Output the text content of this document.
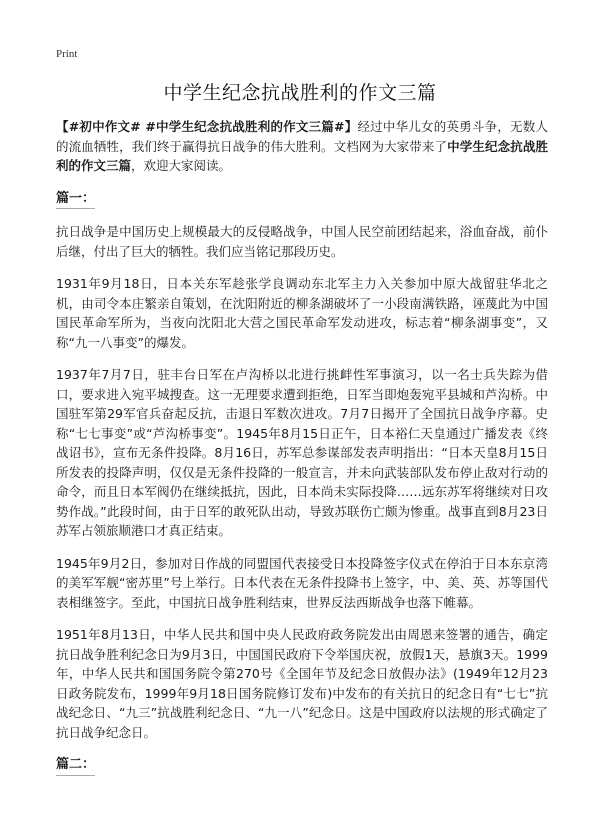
Print
中学生纪念抗战胜利的作文三篇

【#初中作文# #中学生纪念抗战胜利的作文三篇#】经过中华儿女的英勇斗争，无数人的流血牺牲，我们终于赢得抗日战争的伟大胜利。文档网为大家带来了中学生纪念抗战胜利的作文三篇，欢迎大家阅读。

篇一：

抗日战争是中国历史上规模最大的反侵略战争，中国人民空前团结起来，浴血奋战，前仆后继，付出了巨大的牺牲。我们应当铭记那段历史。

1931年9月18日，日本关东军趁张学良调动东北军主力入关参加中原大战留驻华北之机，由司令本庄繁亲自策划，在沈阳附近的柳条湖破坏了一小段南满铁路，诬蔑此为中国国民革命军所为，当夜向沈阳北大营之国民革命军发动进攻，标志着“柳条湖事变”，又称“九一八事变”的爆发。

1937年7月7日，驻丰台日军在卢沟桥以北进行挑衅性军事演习，以一名士兵失踪为借口，要求进入宛平城搜查。这一无理要求遭到拒绝，日军当即炮轰宛平县城和芦沟桥。中国驻军第29军官兵奋起反抗，击退日军数次进攻。7月7日揭开了全国抗日战争序幕。史称“七七事变”或“芦沟桥事变”。1945年8月15日正午，日本裕仁天皇通过广播发表《终战诏书》，宣布无条件投降。8月16日，苏军总参谋部发表声明指出：“日本天皇8月15日所发表的投降声明，仅仅是无条件投降的一般宣言，并未向武装部队发布停止敌对行动的命令，而且日本军阀仍在继续抵抗，因此，日本尚未实际投降……远东苏军将继续对日攻势作战。”此段时间，由于日军的敢死队出动，导致苏联伤亡颇为惨重。战事直到8月23日苏军占领旅顺港口才真正结束。

1945年9月2日，参加对日作战的同盟国代表接受日本投降签字仪式在停泊于日本东京湾的美军军舰“密苏里”号上举行。日本代表在无条件投降书上签字，中、美、英、苏等国代表相继签字。至此，中国抗日战争胜利结束，世界反法西斯战争也落下帷幕。

1951年8月13日，中华人民共和国中央人民政府政务院发出由周恩来签署的通告，确定抗日战争胜利纪念日为9月3日，中国国民政府下令举国庆祝，放假1天，悬旗3天。1999年，中华人民共和国国务院令第270号《全国年节及纪念日放假办法》(1949年12月23日政务院发布，1999年9月18日国务院修订发布)中发布的有关抗日的纪念日有“七七”抗战纪念日、“九三”抗战胜利纪念日、“九一八”纪念日。这是中国政府以法规的形式确定了抗日战争纪念日。

篇二：
